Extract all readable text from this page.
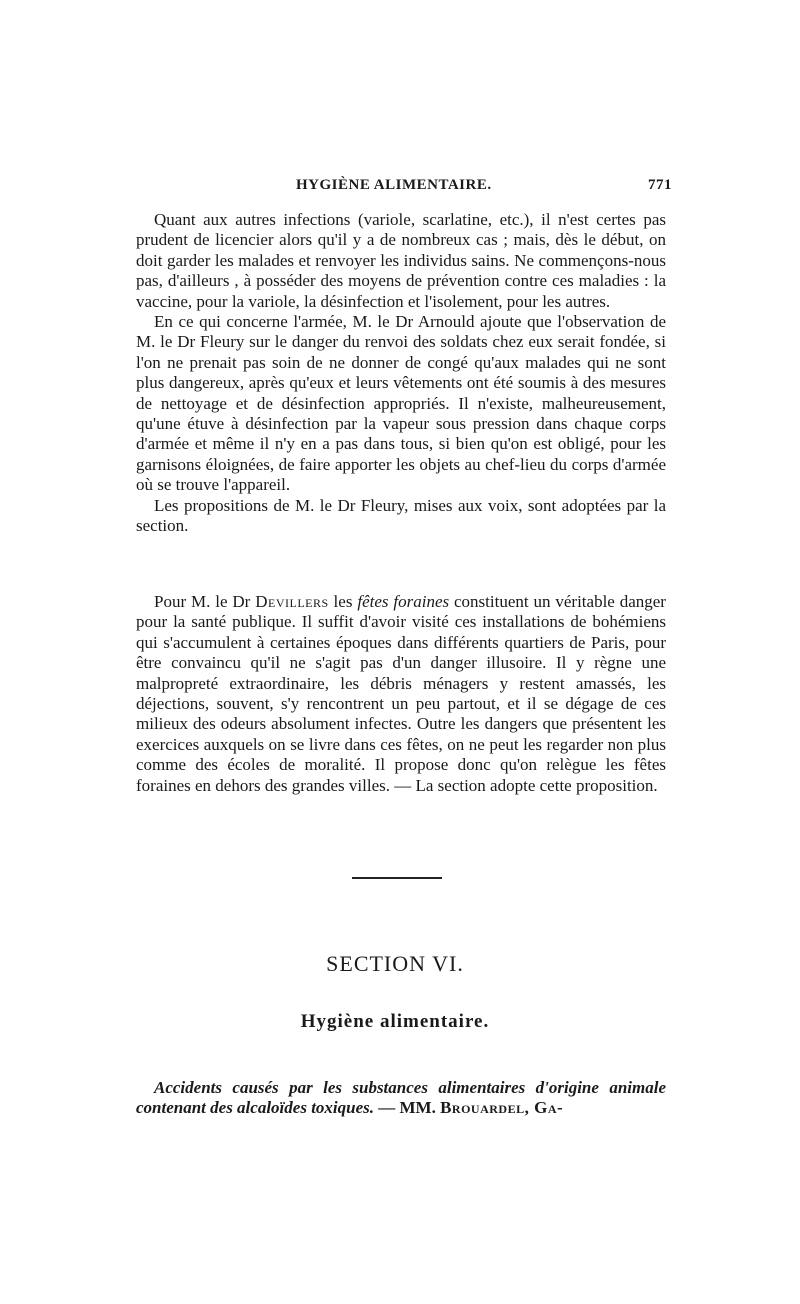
HYGIÈNE ALIMENTAIRE.	771

Quant aux autres infections (variole, scarlatine, etc.), il n'est certes pas prudent de licencier alors qu'il y a de nombreux cas ; mais, dès le début, on doit garder les malades et renvoyer les individus sains. Ne commençons-nous pas, d'ailleurs , à posséder des moyens de prévention contre ces maladies : la vaccine, pour la variole, la désinfection et l'isolement, pour les autres.

En ce qui concerne l'armée, M. le Dr Arnould ajoute que l'observation de M. le Dr Fleury sur le danger du renvoi des soldats chez eux serait fondée, si l'on ne prenait pas soin de ne donner de congé qu'aux malades qui ne sont plus dangereux, après qu'eux et leurs vêtements ont été soumis à des mesures de nettoyage et de désinfection appropriés. Il n'existe, malheureusement, qu'une étuve à désinfection par la vapeur sous pression dans chaque corps d'armée et même il n'y en a pas dans tous, si bien qu'on est obligé, pour les garnisons éloignées, de faire apporter les objets au chef-lieu du corps d'armée où se trouve l'appareil.

Les propositions de M. le Dr Fleury, mises aux voix, sont adoptées par la section.

Pour M. le Dr Devillers les fêtes foraines constituent un véritable danger pour la santé publique. Il suffit d'avoir visité ces installations de bohémiens qui s'accumulent à certaines époques dans différents quartiers de Paris, pour être convaincu qu'il ne s'agit pas d'un danger illusoire. Il y règne une malpropreté extraordinaire, les débris ménagers y restent amassés, les déjections, souvent, s'y rencontrent un peu partout, et il se dégage de ces milieux des odeurs absolument infectes. Outre les dangers que présentent les exercices auxquels on se livre dans ces fêtes, on ne peut les regarder non plus comme des écoles de moralité. Il propose donc qu'on relègue les fêtes foraines en dehors des grandes villes. — La section adopte cette proposition.

SECTION VI.
Hygiène alimentaire.

Accidents causés par les substances alimentaires d'origine animale contenant des alcaloïdes toxiques. — MM. Brouardel, Ga-
